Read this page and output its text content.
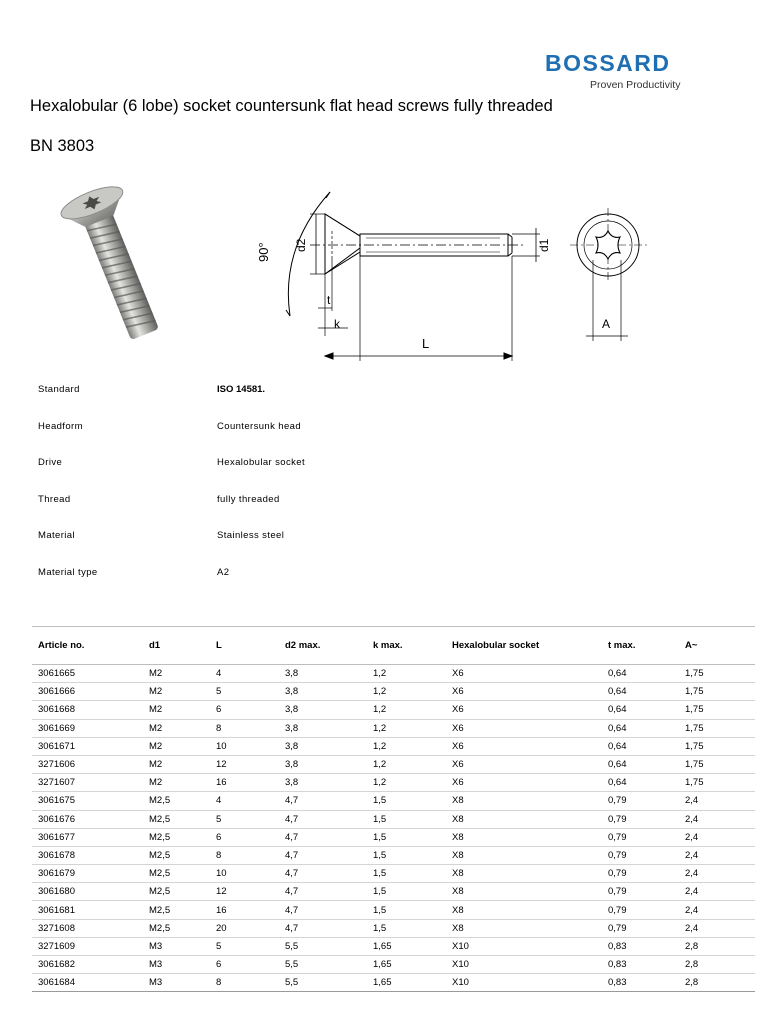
BOSSARD
Proven Productivity
Hexalobular (6 lobe) socket countersunk flat head screws fully threaded
BN 3803
90° d2	d1
t
k
L
A
Standard	ISO 14581.
Headform	Countersunk head
Drive	Hexalobular socket
Thread	fully threaded
Material	Stainless steel
Material type	A2
Article no.	d1	L	d2 max.	k max.	Hexalobular socket	t max.	A~
3061665	M2	4	3,8	1,2	X6	0,64	1,75
3061666	M2	5	3,8	1,2	X6	0,64	1,75
3061668	M2	6	3,8	1,2	X6	0,64	1,75
3061669	M2	8	3,8	1,2	X6	0,64	1,75
3061671	M2	10	3,8	1,2	X6	0,64	1,75
3271606	M2	12	3,8	1,2	X6	0,64	1,75
3271607	M2	16	3,8	1,2	X6	0,64	1,75
3061675	M2,5	4	4,7	1,5	X8	0,79	2,4
3061676	M2,5	5	4,7	1,5	X8	0,79	2,4
3061677	M2,5	6	4,7	1,5	X8	0,79	2,4
3061678	M2,5	8	4,7	1,5	X8	0,79	2,4
3061679	M2,5	10	4,7	1,5	X8	0,79	2,4
3061680	M2,5	12	4,7	1,5	X8	0,79	2,4
3061681	M2,5	16	4,7	1,5	X8	0,79	2,4
3271608	M2,5	20	4,7	1,5	X8	0,79	2,4
3271609	M3	5	5,5	1,65	X10	0,83	2,8
3061682	M3	6	5,5	1,65	X10	0,83	2,8
3061684	M3	8	5,5	1,65	X10	0,83	2,8
